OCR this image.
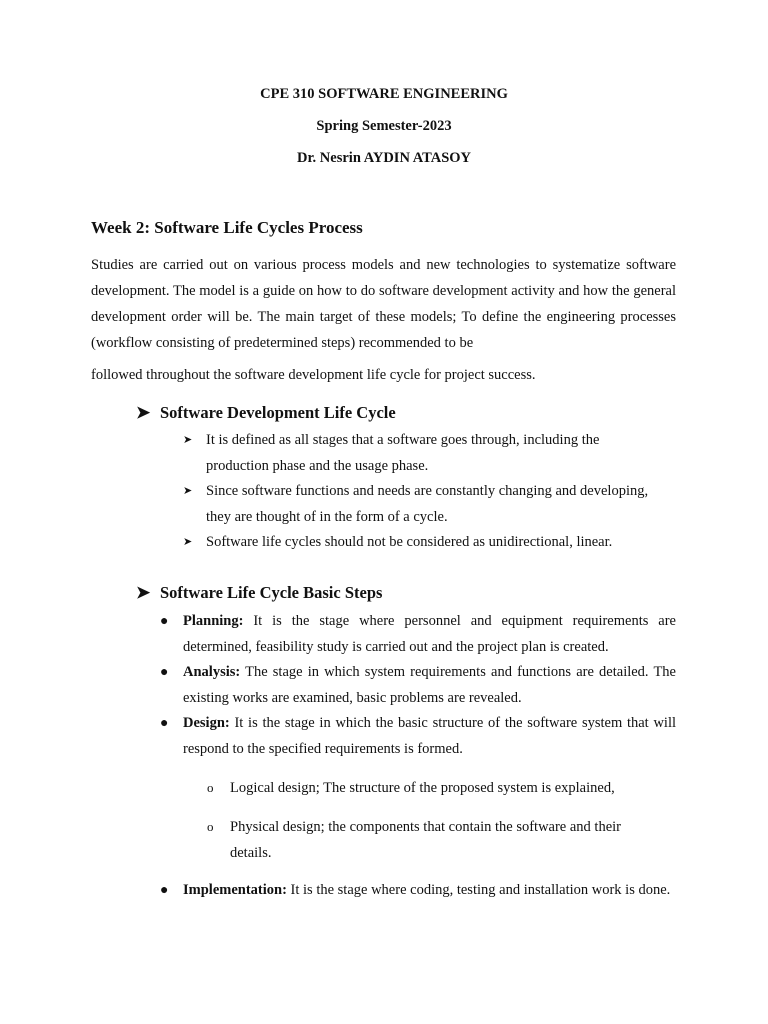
CPE 310 SOFTWARE ENGINEERING
Spring Semester-2023
Dr. Nesrin AYDIN ATASOY
Week 2: Software Life Cycles Process

Studies are carried out on various process models and new technologies to systematize software development. The model is a guide on how to do software development activity and how the general development order will be. The main target of these models; To define the engineering processes (workflow consisting of predetermined steps) recommended to be
followed throughout the software development life cycle for project success.

➤ Software Development Life Cycle
➤ It is defined as all stages that a software goes through, including the production phase and the usage phase.
➤ Since software functions and needs are constantly changing and developing, they are thought of in the form of a cycle.
➤ Software life cycles should not be considered as unidirectional, linear.
➤ Software Life Cycle Basic Steps
● Planning: It is the stage where personnel and equipment requirements are determined, feasibility study is carried out and the project plan is created.
● Analysis: The stage in which system requirements and functions are detailed. The existing works are examined, basic problems are revealed.
● Design: It is the stage in which the basic structure of the software system that will respond to the specified requirements is formed.
o	Logical design; The structure of the proposed system is explained,
o	Physical design; the components that contain the software and their details.
● Implementation: It is the stage where coding, testing and installation work is done.
